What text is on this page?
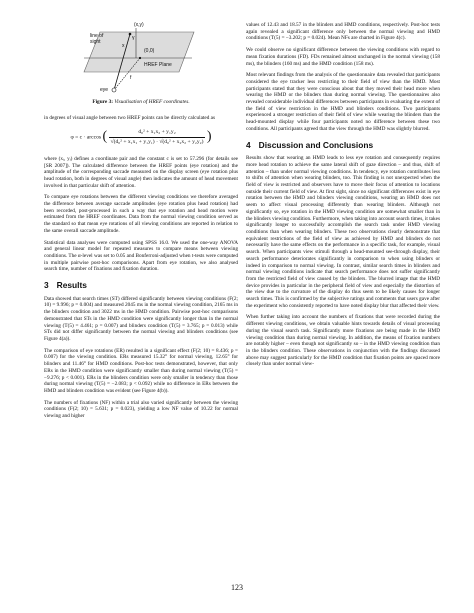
line of
sight
(x,y)
γ
x
(0,0)
HREF Plane
f
eye
Figure 3: Visualisation of HREF coordinates.

in degrees of visual angle between two HREF points can be directly calculated as

φ = c · arccos ( $\frac{\text{d₀² + x₁x₂ + y₁y₂}}{\text{√(d₀² + x₁x₁ + y₁y₁) · √(d₀² + x₂x₂ + y₂y₂)}}$ )

where (xᵢ, yᵢ) defines a coordinate pair and the constant c is set to 57.296 (for details see [SR 2007]). The calculated difference between the HREF points (eye rotation) and the amplitude of the corresponding saccade measured on the display screen (eye rotation plus head rotation, both in degrees of visual angle) then indicates the amount of head movement involved in that particular shift of attention.

To compare eye rotations between the different viewing conditions we therefore averaged the difference between average saccade amplitudes (eye rotation plus head rotation) had been recorded, post-processed in such a way that eye rotation and head motion were estimated from the HREF coordinates. Data from the normal viewing condition served as the standard so that mean eye rotations of all viewing conditions are reported in relation to the same overall saccade amplitude.

Statistical data analyses were computed using SPSS 16.0. We used the one-way ANOVA and general linear model for repeated measures to compare means between viewing conditions. The α-level was set to 0.05 and Bonferroni-adjusted when t-tests were computed in multiple pairwise post-hoc comparisons. Apart from eye rotation, we also analysed search time, number of fixations and fixation duration.

3 Results

Data showed that search times (ST) differed significantly between viewing conditions (F(2; 10) = 9.996; p = 0.004) and measured 2045 ms in the normal viewing condition, 2165 ms in the blinders condition and 3022 ms in the HMD condition. Pairwise post-hoc comparisons demonstrated that STs in the HMD condition were significantly longer than in the normal viewing (T(5) = 4.461; p = 0.007) and blinders condition (T(5) = 3.765; p = 0.013) while STs did not differ significantly between the normal viewing and blinders conditions (see Figure 4(a)).

The comparison of eye rotations (ER) resulted in a significant effect (F(2; 10) = 8.436; p = 0.007) for the viewing condition. ERs measured 15.32° for normal viewing, 12.65° for blinders and 11.46° for HMD conditions. Post-hoc tests demonstrated, however, that only ERs in the HMD condition were significantly smaller than during normal viewing (T(5) = −9.276; p < 0.001). ERs in the blinders condition were only smaller in tendency than those during normal viewing (T(5) = −2.083; p < 0.092) while no difference in ERs between the HMD and blinders condition was evident (see Figure 4(b)).

The numbers of fixations (NF) within a trial also varied significantly between the viewing conditions (F(2; 10) = 5.631; p = 0.023), yielding a low NF value of 10.22 for normal viewing and higher

values of 12.43 and 18.57 in the blinders and HMD conditions, respectively. Post-hoc tests again revealed a significant difference only between the normal viewing and HMD conditions (T(5) = −3.202; p = 0.024). Mean NFs are charted in Figure 4(c).

We could observe no significant difference between the viewing conditions with regard to mean fixation durations (FD). FDs remained almost unchanged in the normal viewing (158 ms), the blinders (160 ms) and the HMD condition (158 ms).

Most relevant findings from the analysis of the questionnaire data revealed that participants considered the eye tracker less restricting to their field of view than the HMD. Most participants stated that they were conscious about that they moved their head more when wearing the HMD or the blinders than during normal viewing. The questionnaires also revealed considerable individual differences between participants in evaluating the extent of the field of view restriction in the HMD and blinders conditions. Two participants experienced a stronger restriction of their field of view while wearing the blinders than the head-mounted display while four participants noted no difference between these two conditions. All participants agreed that the view through the HMD was slightly blurred.

4 Discussion and Conclusions

Results show that wearing an HMD leads to less eye rotation and consequently requires more head rotation to achieve the same lateral shift of gaze direction – and thus, shift of attention – than under normal viewing conditions. In tendency, eye rotation contributes less to shifts of attention when wearing blinders, too. This finding is not unexpected when the field of view is restricted and observers have to move their focus of attention to locations outside their current field of view. At first sight, since no significant differences exist in eye rotation between the HMD and blinders viewing conditions, wearing an HMD does not seem to affect visual processing differently than wearing blinders. Although not significantly so, eye rotation in the HMD viewing condition are somewhat smaller than in the blinders viewing condition. Furthermore, when taking into account search times, it takes significantly longer to successfully accomplish the search task under HMD viewing conditions than when wearing blinders. These two observations clearly demonstrate that equivalent restrictions of the field of view as achieved by HMD and blinders do not necessarily have the same effects on the performance in a specific task, for example, visual search. When participants view stimuli through a head-mounted see-through display, their search performance deteriorates significantly in comparison to when using blinders or indeed in comparison to normal viewing. In contrast, similar search times in blinders and normal viewing conditions indicate that search performance does not suffer significantly from the restricted field of view caused by the blinders. The blurred image that the HMD device provides in particular in the peripheral field of view and especially the distortion of the view due to the curvature of the display do thus seem to be likely causes for longer search times. This is confirmed by the subjective ratings and comments that users gave after the experiment who consistently reported to have noted display blur that affected their view.

When further taking into account the numbers of fixations that were recorded during the different viewing conditions, we obtain valuable hints towards details of visual processing during the visual search task. Significantly more fixations are being made in the HMD viewing condition than during normal viewing. In addition, the means of fixation numbers are notably higher – even though not significantly so – in the HMD viewing condition than in the blinders condition. These observations in conjunction with the findings discussed above may suggest particularly for the HMD condition that fixation points are spaced more closely than under normal view-

123
